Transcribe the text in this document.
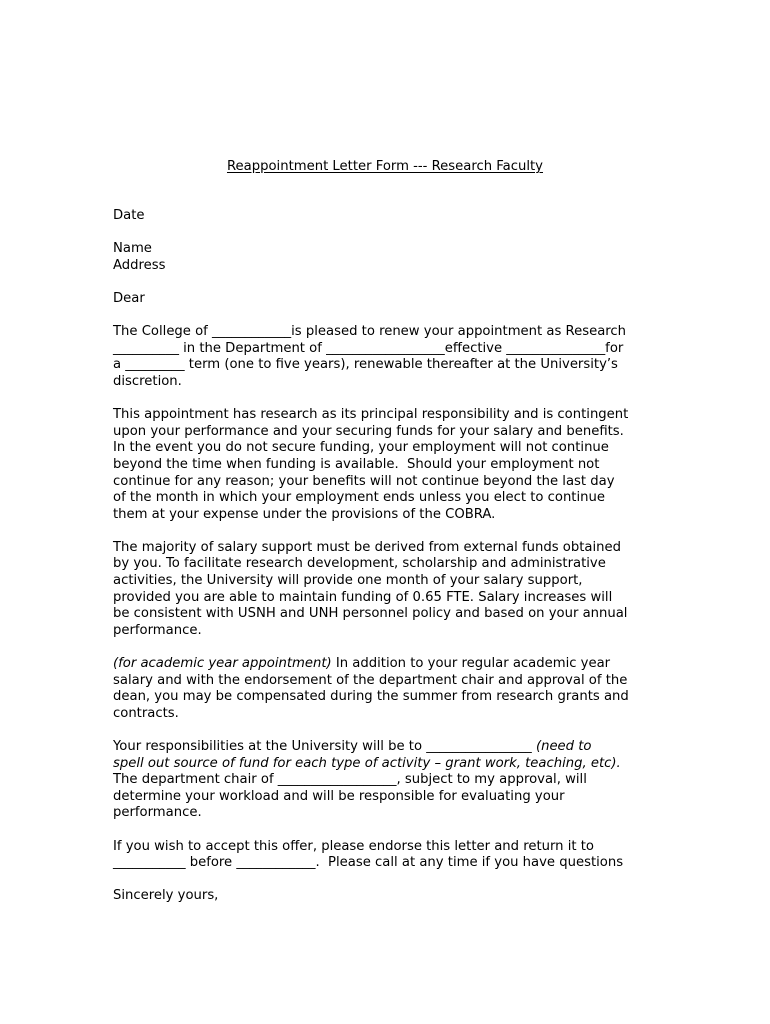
Reappointment Letter Form --- Research Faculty

Date

Name
Address

Dear

The College of ____________is pleased to renew your appointment as Research
__________ in the Department of __________________effective _______________for
a _________ term (one to five years), renewable thereafter at the University’s
discretion.

This appointment has research as its principal responsibility and is contingent
upon your performance and your securing funds for your salary and benefits.
In the event you do not secure funding, your employment will not continue
beyond the time when funding is available.  Should your employment not
continue for any reason; your benefits will not continue beyond the last day
of the month in which your employment ends unless you elect to continue
them at your expense under the provisions of the COBRA.

The majority of salary support must be derived from external funds obtained
by you. To facilitate research development, scholarship and administrative
activities, the University will provide one month of your salary support,
provided you are able to maintain funding of 0.65 FTE. Salary increases will
be consistent with USNH and UNH personnel policy and based on your annual
performance.

(for academic year appointment) In addition to your regular academic year
salary and with the endorsement of the department chair and approval of the
dean, you may be compensated during the summer from research grants and
contracts.

Your responsibilities at the University will be to ________________ (need to
spell out source of fund for each type of activity – grant work, teaching, etc).
The department chair of __________________, subject to my approval, will
determine your workload and will be responsible for evaluating your
performance.

If you wish to accept this offer, please endorse this letter and return it to
___________ before ____________.  Please call at any time if you have questions

Sincerely yours,
